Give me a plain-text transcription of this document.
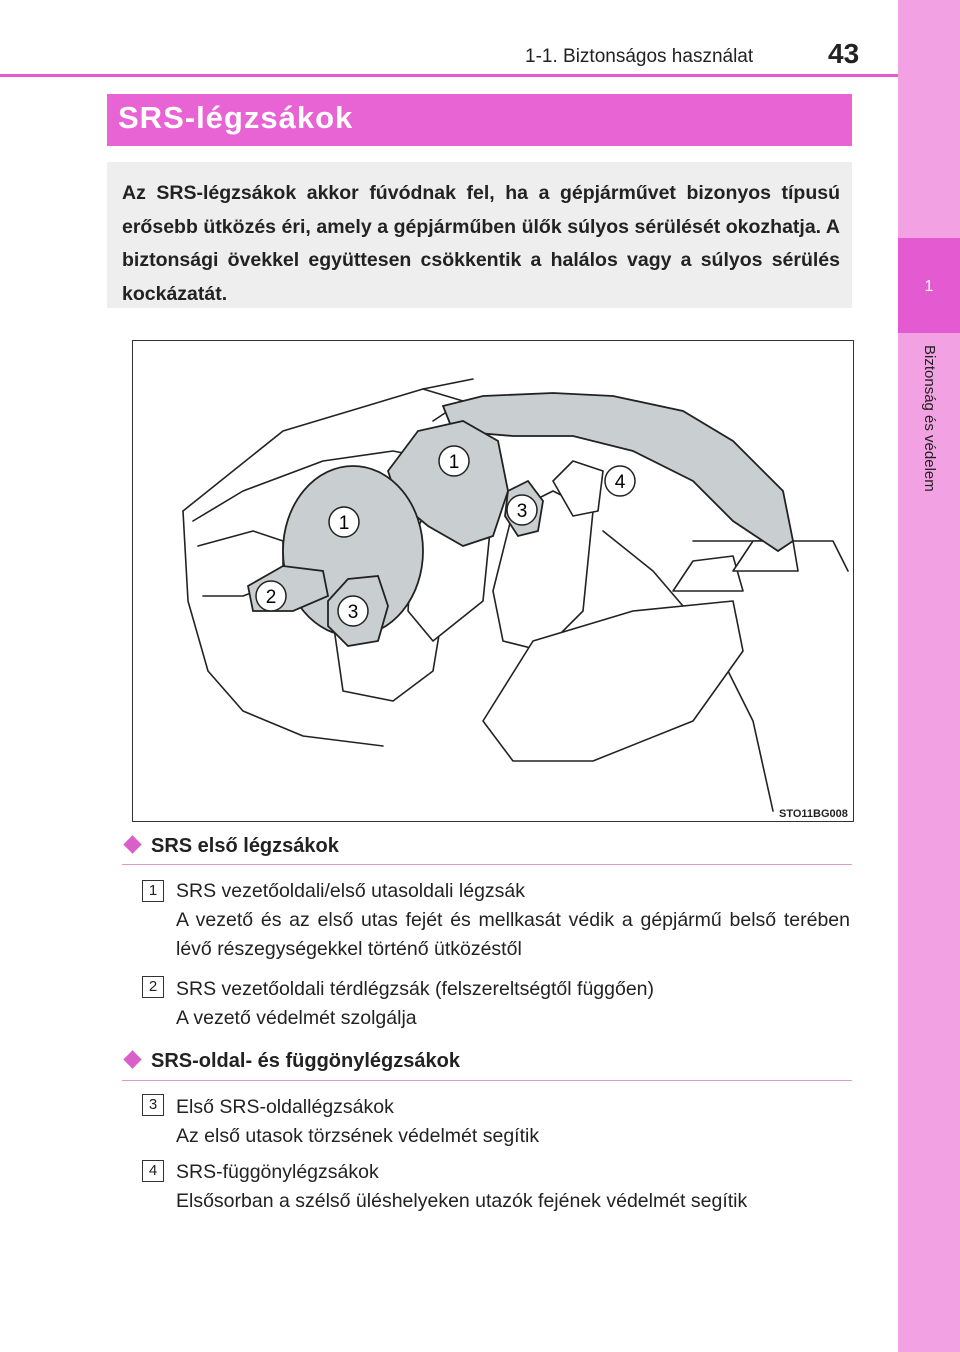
1
Biztonság és védelem
1-1. Biztonságos használat	43
SRS-légzsákok
Az SRS-légzsákok akkor fúvódnak fel, ha a gépjárművet bizonyos típusú erősebb ütközés éri, amely a gépjárműben ülők súlyos sérülését okozhatja. A biztonsági övekkel együttesen csökkentik a halálos vagy a súlyos sérülés kockázatát.
1
1
2
3
3
4
STO11BG008
SRS első légzsákok
1 SRS vezetőoldali/első utasoldali légzsák
A vezető és az első utas fejét és mellkasát védik a gépjármű belső terében lévő részegységekkel történő ütközéstől
2 SRS vezetőoldali térdlégzsák (felszereltségtől függően)
A vezető védelmét szolgálja
SRS-oldal- és függönylégzsákok
3 Első SRS-oldallégzsákok
Az első utasok törzsének védelmét segítik
4 SRS-függönylégzsákok
Elsősorban a szélső üléshelyeken utazók fejének védelmét segítik
